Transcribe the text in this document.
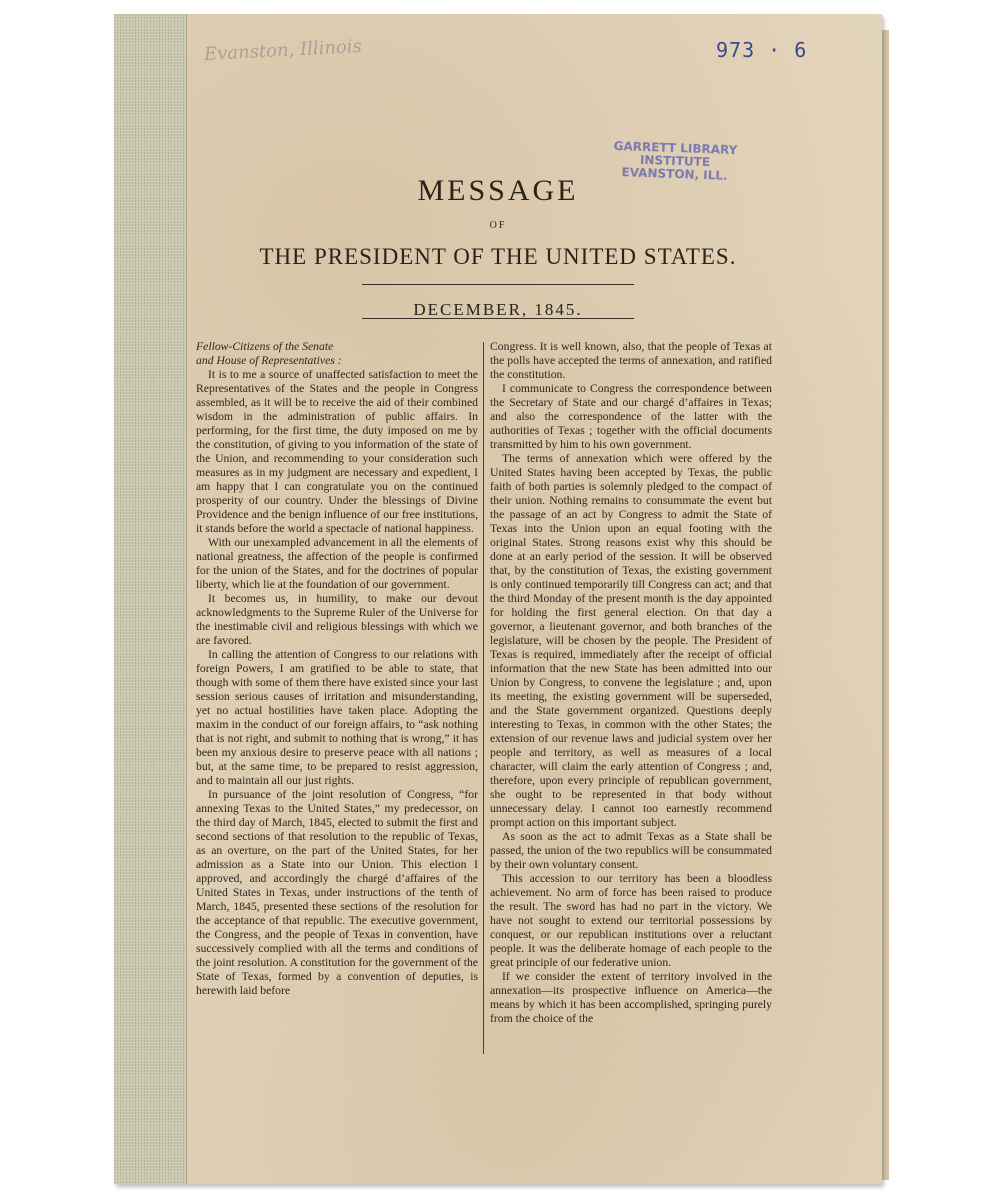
Evanston, Illinois	973 · 6
GARRETT LIBRARY INSTITUTE EVANSTON, ILL.
MESSAGE
OF
THE PRESIDENT OF THE UNITED STATES.
DECEMBER, 1845.

Fellow-Citizens of the Senate

and House of Representatives :

It is to me a source of unaffected satisfaction to meet the Representatives of the States and the people in Congress assembled, as it will be to receive the aid of their combined wisdom in the administration of public affairs. In performing, for the first time, the duty imposed on me by the constitution, of giving to you information of the state of the Union, and recommending to your consideration such measures as in my judgment are necessary and expedient, I am happy that I can congratulate you on the continued prosperity of our country. Under the blessings of Divine Providence and the benign influence of our free institutions, it stands before the world a spectacle of national happiness.

With our unexampled advancement in all the elements of national greatness, the affection of the people is confirmed for the union of the States, and for the doctrines of popular liberty, which lie at the foundation of our government.

It becomes us, in humility, to make our devout acknowledgments to the Supreme Ruler of the Universe for the inestimable civil and religious blessings with which we are favored.

In calling the attention of Congress to our relations with foreign Powers, I am gratified to be able to state, that though with some of them there have existed since your last session serious causes of irritation and misunderstanding, yet no actual hostilities have taken place. Adopting the maxim in the conduct of our foreign affairs, to “ask nothing that is not right, and submit to nothing that is wrong,” it has been my anxious desire to preserve peace with all nations ; but, at the same time, to be prepared to resist aggression, and to maintain all our just rights.

In pursuance of the joint resolution of Congress, “for annexing Texas to the United States,” my predecessor, on the third day of March, 1845, elected to submit the first and second sections of that resolution to the republic of Texas, as an overture, on the part of the United States, for her admission as a State into our Union. This election I approved, and accordingly the chargé d’affaires of the United States in Texas, under instructions of the tenth of March, 1845, presented these sections of the resolution for the acceptance of that republic. The executive government, the Congress, and the people of Texas in convention, have successively complied with all the terms and conditions of the joint resolution. A constitution for the government of the State of Texas, formed by a convention of deputies, is herewith laid before

Congress. It is well known, also, that the people of Texas at the polls have accepted the terms of annexation, and ratified the constitution.

I communicate to Congress the correspondence between the Secretary of State and our chargé d’affaires in Texas; and also the correspondence of the latter with the authorities of Texas ; together with the official documents transmitted by him to his own government.

The terms of annexation which were offered by the United States having been accepted by Texas, the public faith of both parties is solemnly pledged to the compact of their union. Nothing remains to consummate the event but the passage of an act by Congress to admit the State of Texas into the Union upon an equal footing with the original States. Strong reasons exist why this should be done at an early period of the session. It will be observed that, by the constitution of Texas, the existing government is only continued temporarily till Congress can act; and that the third Monday of the present month is the day appointed for holding the first general election. On that day a governor, a lieutenant governor, and both branches of the legislature, will be chosen by the people. The President of Texas is required, immediately after the receipt of official information that the new State has been admitted into our Union by Congress, to convene the legislature ; and, upon its meeting, the existing government will be superseded, and the State government organized. Questions deeply interesting to Texas, in common with the other States; the extension of our revenue laws and judicial system over her people and territory, as well as measures of a local character, will claim the early attention of Congress ; and, therefore, upon every principle of republican government, she ought to be represented in that body without unnecessary delay. I cannot too earnestly recommend prompt action on this important subject.

As soon as the act to admit Texas as a State shall be passed, the union of the two republics will be consummated by their own voluntary consent.

This accession to our territory has been a bloodless achievement. No arm of force has been raised to produce the result. The sword has had no part in the victory. We have not sought to extend our territorial possessions by conquest, or our republican institutions over a reluctant people. It was the deliberate homage of each people to the great principle of our federative union.

If we consider the extent of territory involved in the annexation—its prospective influence on America—the means by which it has been accomplished, springing purely from the choice of the
